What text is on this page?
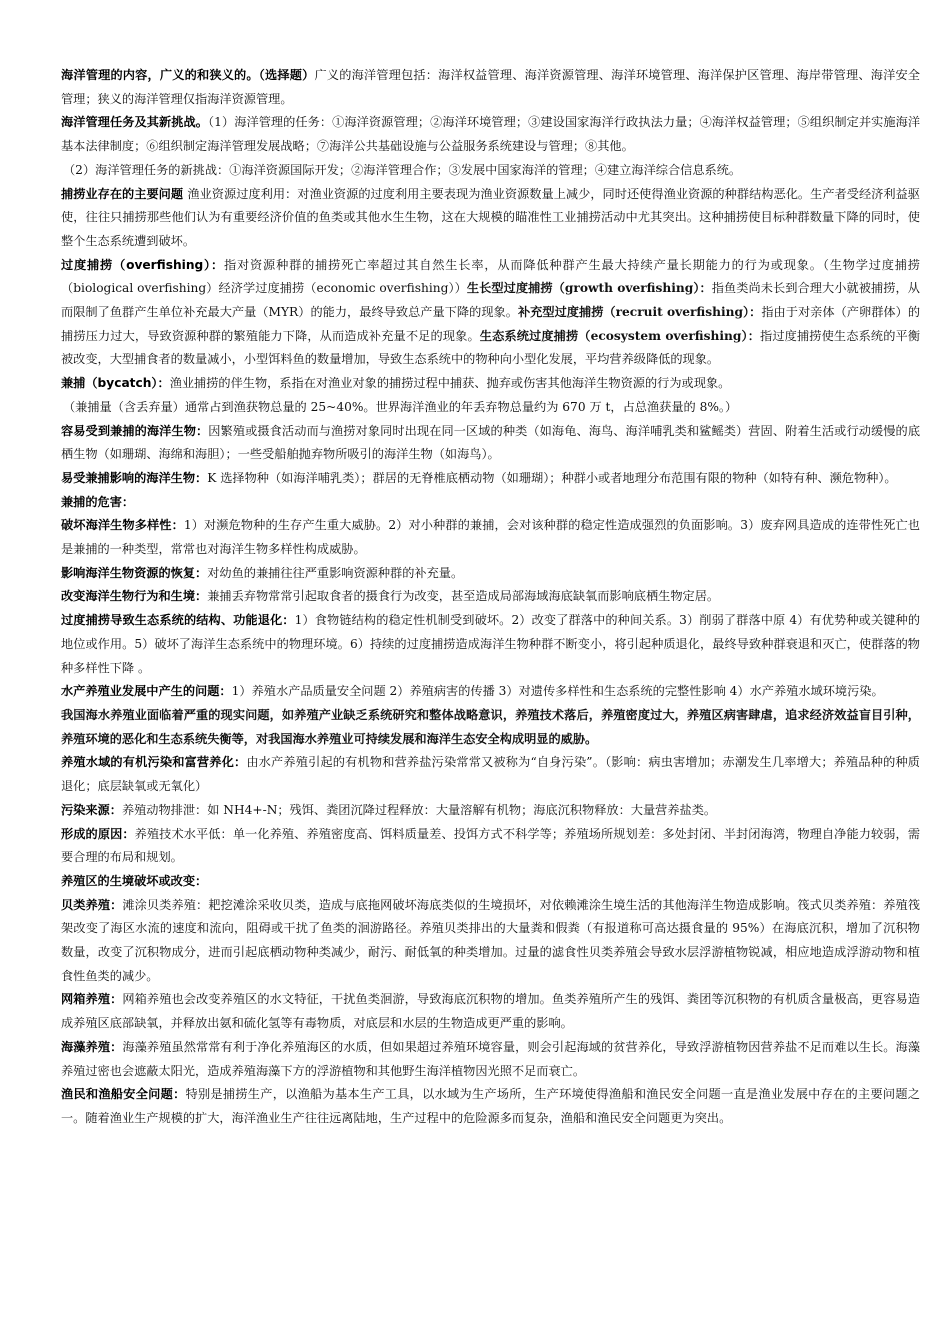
海洋管理的内容，广义的和狭义的。（选择题）广义的海洋管理包括：海洋权益管理、海洋资源管理、海洋环境管理、海洋保护区管理、海岸带管理、海洋安全管理；狭义的海洋管理仅指海洋资源管理。

海洋管理任务及其新挑战。（1）海洋管理的任务：①海洋资源管理；②海洋环境管理；③建设国家海洋行政执法力量；④海洋权益管理；⑤组织制定并实施海洋基本法律制度；⑥组织制定海洋管理发展战略；⑦海洋公共基础设施与公益服务系统建设与管理；⑧其他。

（2）海洋管理任务的新挑战：①海洋资源国际开发；②海洋管理合作；③发展中国家海洋的管理；④建立海洋综合信息系统。

捕捞业存在的主要问题 渔业资源过度利用：对渔业资源的过度利用主要表现为渔业资源数量上减少，同时还使得渔业资源的种群结构恶化。生产者受经济利益驱使，往往只捕捞那些他们认为有重要经济价值的鱼类或其他水生生物，这在大规模的瞄准性工业捕捞活动中尤其突出。这种捕捞使目标种群数量下降的同时，使整个生态系统遭到破坏。

过度捕捞（overfishing）：指对资源种群的捕捞死亡率超过其自然生长率，从而降低种群产生最大持续产量长期能力的行为或现象。（生物学过度捕捞（biological overfishing）经济学过度捕捞（economic overfishing））生长型过度捕捞（growth overfishing）：指鱼类尚未长到合理大小就被捕捞，从而限制了鱼群产生单位补充最大产量（MYR）的能力，最终导致总产量下降的现象。补充型过度捕捞（recruit overfishing）：指由于对亲体（产卵群体）的捕捞压力过大，导致资源种群的繁殖能力下降，从而造成补充量不足的现象。生态系统过度捕捞（ecosystem overfishing）：指过度捕捞使生态系统的平衡被改变，大型捕食者的数量减小，小型饵料鱼的数量增加，导致生态系统中的物种向小型化发展，平均营养级降低的现象。

兼捕（bycatch）：渔业捕捞的伴生物，系指在对渔业对象的捕捞过程中捕获、抛弃或伤害其他海洋生物资源的行为或现象。

（兼捕量（含丢弃量）通常占到渔获物总量的 25~40%。世界海洋渔业的年丢弃物总量约为 670 万 t，占总渔获量的 8%。）

容易受到兼捕的海洋生物：因繁殖或摄食活动而与渔捞对象同时出现在同一区域的种类（如海龟、海鸟、海洋哺乳类和鲨鳐类）营固、附着生活或行动缓慢的底栖生物（如珊瑚、海绵和海胆）；一些受船舶抛弃物所吸引的海洋生物（如海鸟）。

易受兼捕影响的海洋生物：K 选择物种（如海洋哺乳类）；群居的无脊椎底栖动物（如珊瑚）；种群小或者地理分布范围有限的物种（如特有种、濒危物种）。

兼捕的危害：

破坏海洋生物多样性：1）对濒危物种的生存产生重大威胁。2）对小种群的兼捕，会对该种群的稳定性造成强烈的负面影响。3）废弃网具造成的连带性死亡也是兼捕的一种类型，常常也对海洋生物多样性构成威胁。

影响海洋生物资源的恢复：对幼鱼的兼捕往往严重影响资源种群的补充量。

改变海洋生物行为和生境：兼捕丢弃物常常引起取食者的摄食行为改变，甚至造成局部海域海底缺氧而影响底栖生物定居。

过度捕捞导致生态系统的结构、功能退化：1）食物链结构的稳定性机制受到破坏。2）改变了群落中的种间关系。3）削弱了群落中原 4）有优势种或关键种的地位或作用。5）破坏了海洋生态系统中的物理环境。6）持续的过度捕捞造成海洋生物种群不断变小，将引起种质退化，最终导致种群衰退和灭亡，使群落的物种多样性下降 。

水产养殖业发展中产生的问题：1）养殖水产品质量安全问题 2）养殖病害的传播 3）对遗传多样性和生态系统的完整性影响 4）水产养殖水域环境污染。

我国海水养殖业面临着严重的现实问题，如养殖产业缺乏系统研究和整体战略意识，养殖技术落后，养殖密度过大，养殖区病害肆虐，追求经济效益盲目引种，养殖环境的恶化和生态系统失衡等，对我国海水养殖业可持续发展和海洋生态安全构成明显的威胁。

养殖水域的有机污染和富营养化：由水产养殖引起的有机物和营养盐污染常常又被称为“自身污染”。（影响：病虫害增加；赤潮发生几率增大；养殖品种的种质退化；底层缺氧或无氧化）

污染来源：养殖动物排泄：如 NH4+-N；残饵、粪团沉降过程释放：大量溶解有机物；海底沉积物释放：大量营养盐类。

形成的原因：养殖技术水平低：单一化养殖、养殖密度高、饵料质量差、投饵方式不科学等；养殖场所规划差：多处封闭、半封闭海湾，物理自净能力较弱，需要合理的布局和规划。

养殖区的生境破坏或改变：

贝类养殖：滩涂贝类养殖：耙挖滩涂采收贝类，造成与底拖网破坏海底类似的生境损坏，对依赖滩涂生境生活的其他海洋生物造成影响。筏式贝类养殖：养殖筏架改变了海区水流的速度和流向，阻碍或干扰了鱼类的洄游路径。养殖贝类排出的大量粪和假粪（有报道称可高达摄食量的 95%）在海底沉积，增加了沉积物数量，改变了沉积物成分，进而引起底栖动物种类减少，耐污、耐低氧的种类增加。过量的滤食性贝类养殖会导致水层浮游植物锐减，相应地造成浮游动物和植食性鱼类的减少。

网箱养殖：网箱养殖也会改变养殖区的水文特征，干扰鱼类洄游，导致海底沉积物的增加。鱼类养殖所产生的残饵、粪团等沉积物的有机质含量极高，更容易造成养殖区底部缺氧，并释放出氨和硫化氢等有毒物质，对底层和水层的生物造成更严重的影响。

海藻养殖：海藻养殖虽然常常有利于净化养殖海区的水质，但如果超过养殖环境容量，则会引起海域的贫营养化，导致浮游植物因营养盐不足而难以生长。海藻养殖过密也会遮蔽太阳光，造成养殖海藻下方的浮游植物和其他野生海洋植物因光照不足而衰亡。

渔民和渔船安全问题：特别是捕捞生产，以渔船为基本生产工具，以水域为生产场所，生产环境使得渔船和渔民安全问题一直是渔业发展中存在的主要问题之一。随着渔业生产规模的扩大，海洋渔业生产往往远离陆地，生产过程中的危险源多而复杂，渔船和渔民安全问题更为突出。
